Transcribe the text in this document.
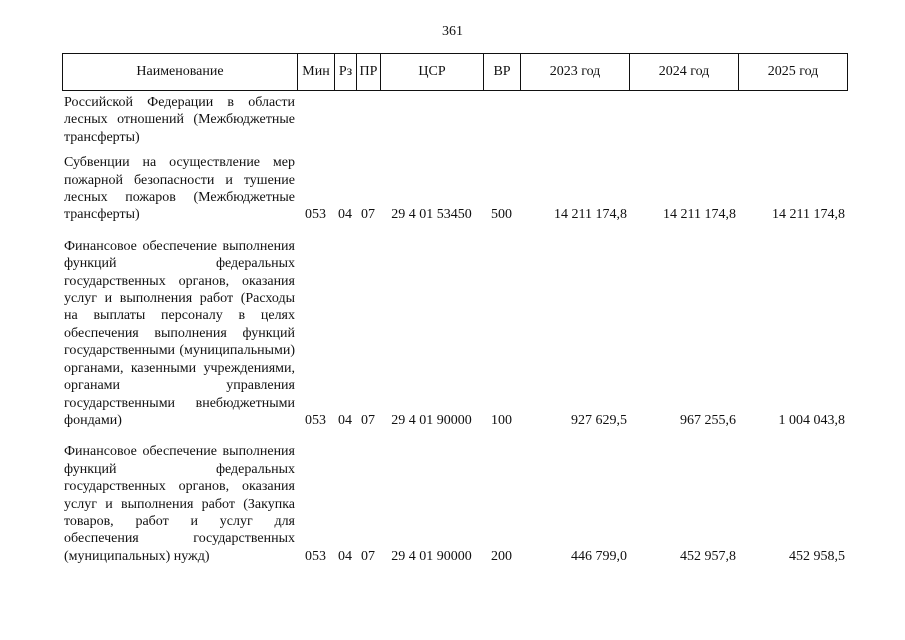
361
Наименование	Мин	Рз	ПР	ЦСР	ВР	2023 год	2024 год	2025 год
Российской Федерации в области лесных отношений (Межбюджетные трансферты)								

Субвенции на осуществление мер пожарной безопасности и тушение лесных пожаров (Межбюджетные трансферты)	053	04	07	29 4 01 53450	500	14 211 174,8	14 211 174,8	14 211 174,8

Финансовое обеспечение выполнения функций федеральных государственных органов, оказания услуг и выполнения работ (Расходы на выплаты персоналу в целях обеспечения выполнения функций государственными (муниципальными) органами, казенными учреждениями, органами управления государственными внебюджетными фондами)	053	04	07	29 4 01 90000	100	927 629,5	967 255,6	1 004 043,8

Финансовое обеспечение выполнения функций федеральных государственных органов, оказания услуг и выполнения работ (Закупка товаров, работ и услуг для обеспечения государственных (муниципальных) нужд)	053	04	07	29 4 01 90000	200	446 799,0	452 957,8	452 958,5
